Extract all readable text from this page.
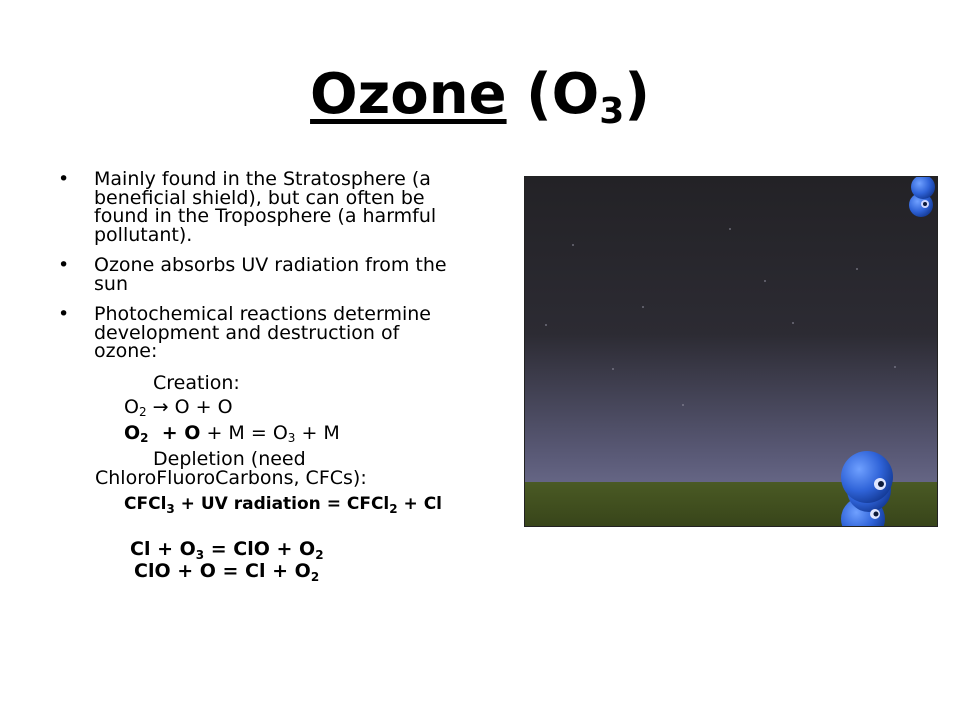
Ozone $(O_3)$
• Mainly found in the Stratosphere (a beneficial shield), but can often be found in the Troposphere (a harmful pollutant).
• Ozone absorbs UV radiation from the sun
• Photochemical reactions determine development and destruction of ozone:
Creation:
$O_2 \to O + O$
$O_2 + O + M = O_3 + M$
Depletion (need
ChloroFluoroCarbons, CFCs):
CFCl$_3$ + UV radiation = CFCl$_2$ + Cl
$Cl + O_3$ = ClO + $O_2$
ClO + $O = Cl + O_2$
